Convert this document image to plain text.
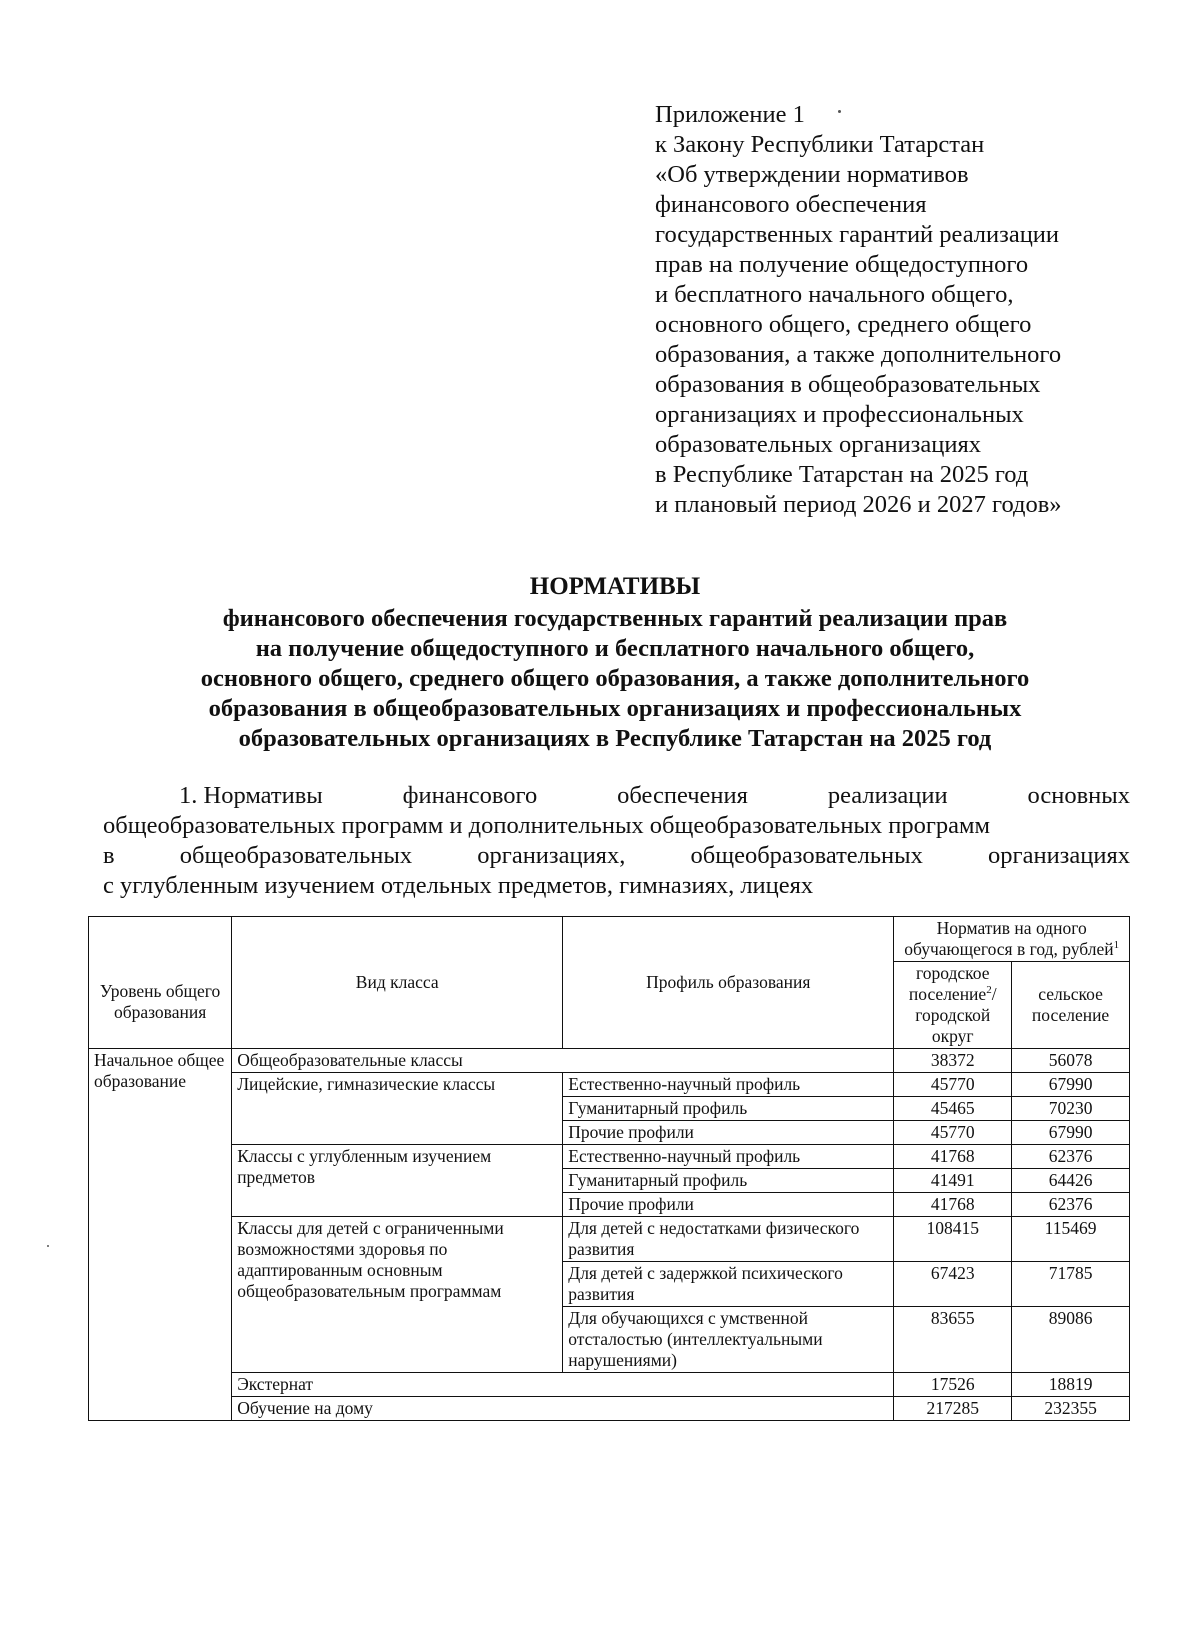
Приложение 1
к Закону Республики Татарстан
«Об утверждении нормативов
финансового обеспечения
государственных гарантий реализации
прав на получение общедоступного
и бесплатного начального общего,
основного общего, среднего общего
образования, а также дополнительного
образования в общеобразовательных
организациях и профессиональных
образовательных организациях
в Республике Татарстан на 2025 год
и плановый период 2026 и 2027 годов»
НОРМАТИВЫ
финансового обеспечения государственных гарантий реализации прав
на получение общедоступного и бесплатного начального общего,
основного общего, среднего общего образования, а также дополнительного
образования в общеобразовательных организациях и профессиональных
образовательных организациях в Республике Татарстан на 2025 год
1. Нормативы	финансового	обеспечения	реализации	основных
общеобразовательных программ и дополнительных общеобразовательных программ
в	общеобразовательных	организациях,	общеобразовательных	организациях
с углубленным изучением отдельных предметов, гимназиях, лицеях
Уровень общего образования	Вид класса	Профиль образования	Норматив на одного обучающегося в год, рублей$^1$
			городское поселение$^2$/ городской округ	сельское поселение
Начальное общее образование	Общеобразовательные классы		38372	56078
	Лицейские, гимназические классы	Естественно-научный профиль	45770	67990
		Гуманитарный профиль	45465	70230
		Прочие профили	45770	67990
	Классы с углубленным изучением предметов	Естественно-научный профиль	41768	62376
		Гуманитарный профиль	41491	64426
		Прочие профили	41768	62376
	Классы для детей с ограниченными возможностями здоровья по адаптированным основным общеобразовательным программам	Для детей с недостатками физического развития	108415	115469
		Для детей с задержкой психического развития	67423	71785
		Для обучающихся с умственной отсталостью (интеллектуальными нарушениями)	83655	89086
	Экстернат		17526	18819
	Обучение на дому		217285	232355
